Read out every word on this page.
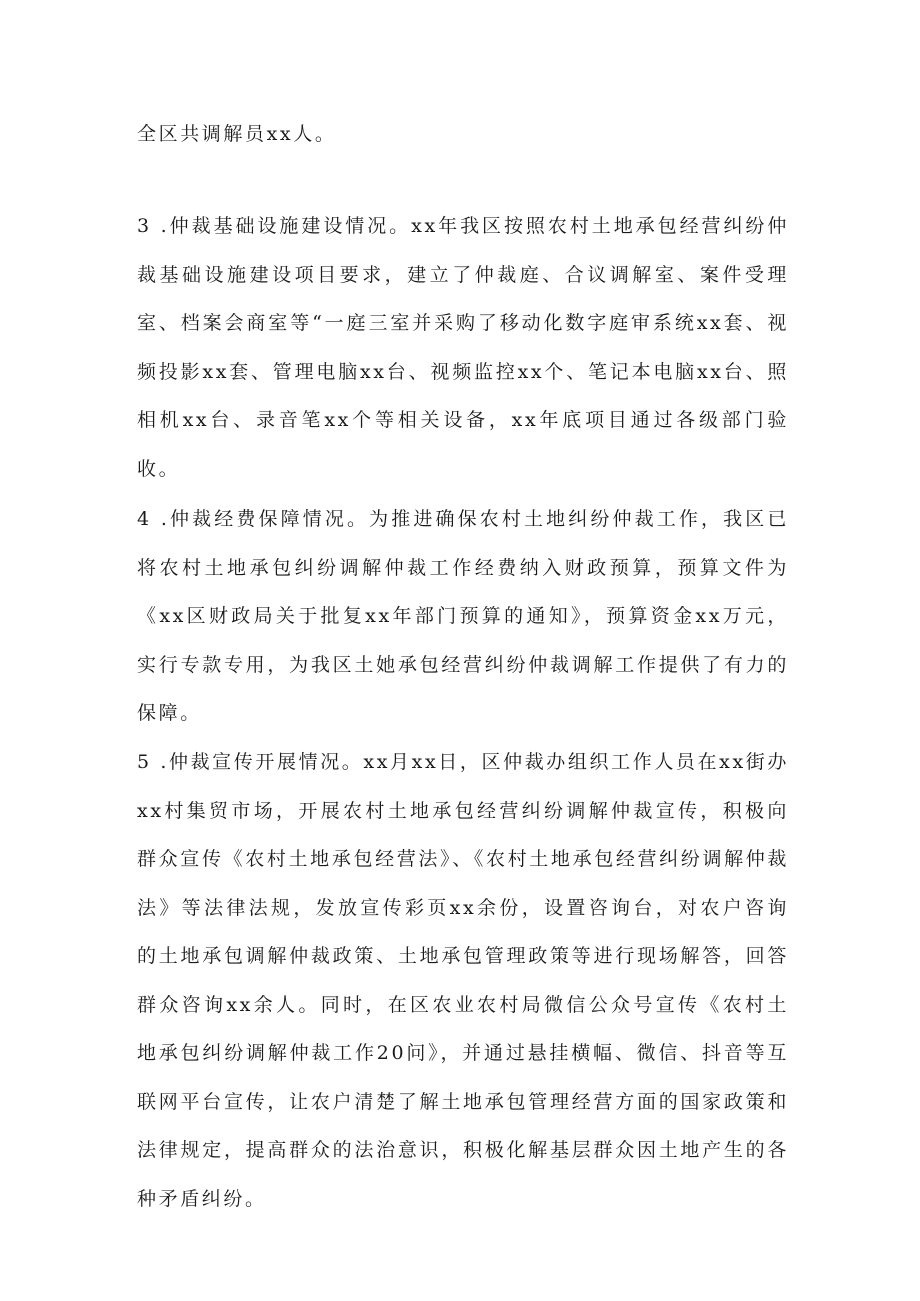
全区共调解员xx人。

3 .仲裁基础设施建设情况。xx年我区按照农村土地承包经营纠纷仲裁基础设施建设项目要求，建立了仲裁庭、合议调解室、案件受理室、档案会商室等“一庭三室并采购了移动化数字庭审系统xx套、视频投影xx套、管理电脑xx台、视频监控xx个、笔记本电脑xx台、照相机xx台、录音笔xx个等相关设备，xx年底项目通过各级部门验收。

4 .仲裁经费保障情况。为推进确保农村土地纠纷仲裁工作，我区已将农村土地承包纠纷调解仲裁工作经费纳入财政预算，预算文件为《xx区财政局关于批复xx年部门预算的通知》，预算资金xx万元，实行专款专用，为我区土她承包经营纠纷仲裁调解工作提供了有力的保障。

5 .仲裁宣传开展情况。xx月xx日，区仲裁办组织工作人员在xx街办xx村集贸市场，开展农村土地承包经营纠纷调解仲裁宣传，积极向群众宣传《农村土地承包经营法》、《农村土地承包经营纠纷调解仲裁法》等法律法规，发放宣传彩页xx余份，设置咨询台，对农户咨询的土地承包调解仲裁政策、土地承包管理政策等进行现场解答，回答群众咨询xx余人。同时，在区农业农村局微信公众号宣传《农村土地承包纠纷调解仲裁工作20问》，并通过悬挂横幅、微信、抖音等互联网平台宣传，让农户清楚了解土地承包管理经营方面的国家政策和法律规定，提高群众的法治意识，积极化解基层群众因土地产生的各种矛盾纠纷。
